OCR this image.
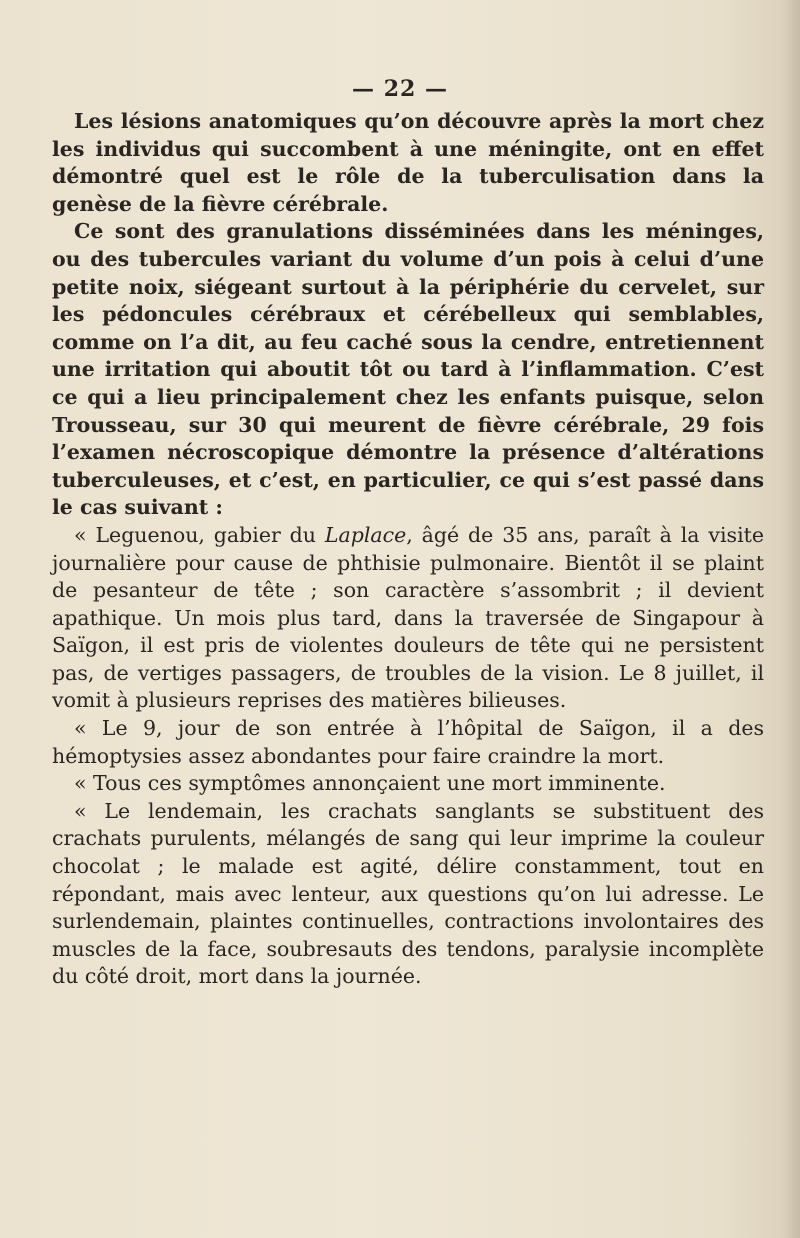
— 22 —

Les lésions anatomiques qu’on découvre après la mort chez les individus qui succombent à une méningite, ont en effet démontré quel est le rôle de la tuberculisation dans la genèse de la fièvre cérébrale.

Ce sont des granulations disséminées dans les méninges, ou des tubercules variant du volume d’un pois à celui d’une petite noix, siégeant surtout à la périphérie du cervelet, sur les pédoncules cérébraux et cérébelleux qui semblables, comme on l’a dit, au feu caché sous la cendre, entretiennent une irritation qui aboutit tôt ou tard à l’inflammation. C’est ce qui a lieu principalement chez les enfants puisque, selon Trousseau, sur 30 qui meurent de fièvre cérébrale, 29 fois l’examen nécroscopique démontre la présence d’altérations tuberculeuses, et c’est, en particulier, ce qui s’est passé dans le cas suivant :

« Leguenou, gabier du Laplace, âgé de 35 ans, paraît à la visite journalière pour cause de phthisie pulmonaire. Bientôt il se plaint de pesanteur de tête ; son caractère s’assombrit ; il devient apathique. Un mois plus tard, dans la traversée de Singapour à Saïgon, il est pris de violentes douleurs de tête qui ne persistent pas, de vertiges passagers, de troubles de la vision. Le 8 juillet, il vomit à plusieurs reprises des matières bilieuses.

« Le 9, jour de son entrée à l’hôpital de Saïgon, il a des hémoptysies assez abondantes pour faire craindre la mort.

« Tous ces symptômes annonçaient une mort imminente.

« Le lendemain, les crachats sanglants se substituent des crachats purulents, mélangés de sang qui leur imprime la couleur chocolat ; le malade est agité, délire constamment, tout en répondant, mais avec lenteur, aux questions qu’on lui adresse. Le surlendemain, plaintes continuelles, contractions involontaires des muscles de la face, soubresauts des tendons, paralysie incomplète du côté droit, mort dans la journée.
